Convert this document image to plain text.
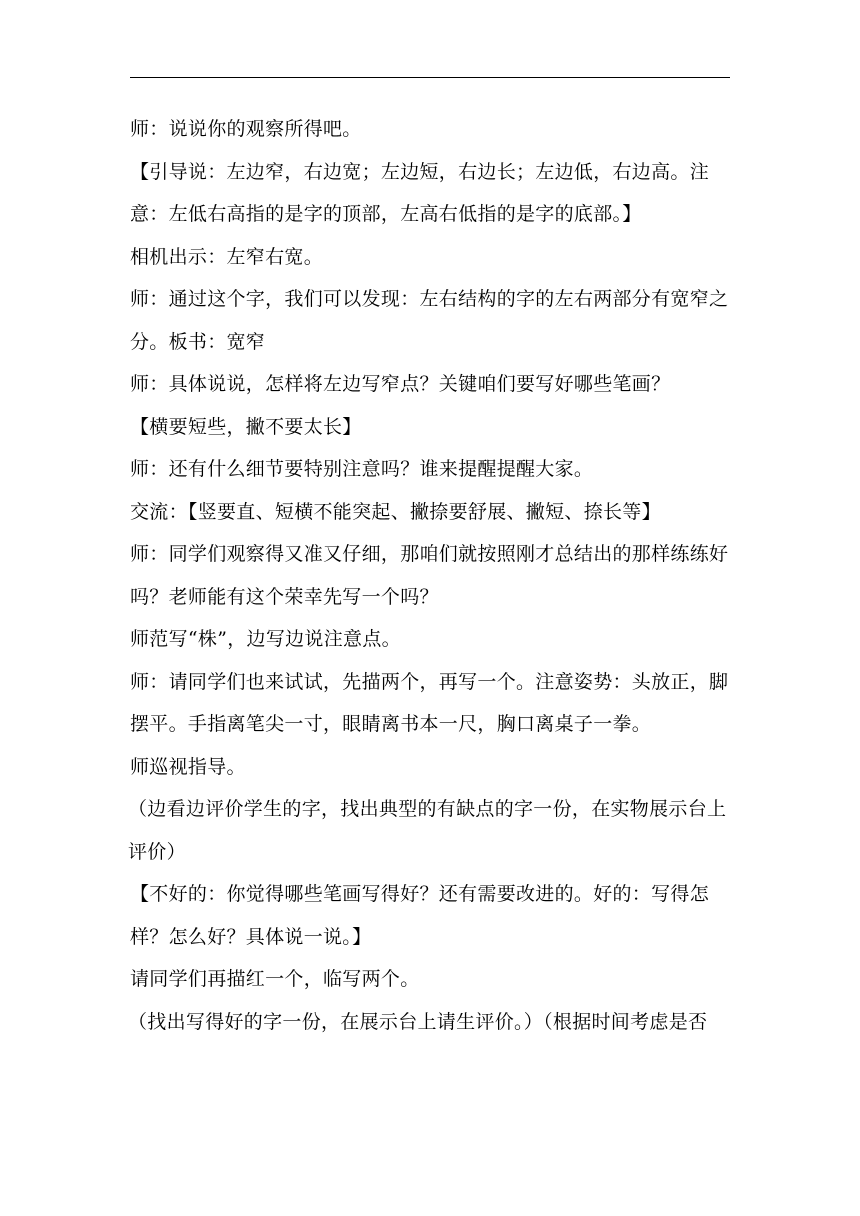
师：说说你的观察所得吧。

【引导说：左边窄，右边宽；左边短，右边长；左边低，右边高。注意：左低右高指的是字的顶部，左高右低指的是字的底部。】

相机出示：左窄右宽。

师：通过这个字，我们可以发现：左右结构的字的左右两部分有宽窄之分。板书：宽窄

师：具体说说，怎样将左边写窄点？关键咱们要写好哪些笔画？

【横要短些，撇不要太长】

师：还有什么细节要特别注意吗？谁来提醒提醒大家。

交流：【竖要直、短横不能突起、撇捺要舒展、撇短、捺长等】

师：同学们观察得又准又仔细，那咱们就按照刚才总结出的那样练练好吗？老师能有这个荣幸先写一个吗？

师范写“株”，边写边说注意点。

师：请同学们也来试试，先描两个，再写一个。注意姿势：头放正，脚摆平。手指离笔尖一寸，眼睛离书本一尺，胸口离桌子一拳。

师巡视指导。

（边看边评价学生的字，找出典型的有缺点的字一份，在实物展示台上评价）

【不好的：你觉得哪些笔画写得好？还有需要改进的。好的：写得怎样？怎么好？具体说一说。】

请同学们再描红一个，临写两个。

（找出写得好的字一份，在展示台上请生评价。）（根据时间考虑是否
